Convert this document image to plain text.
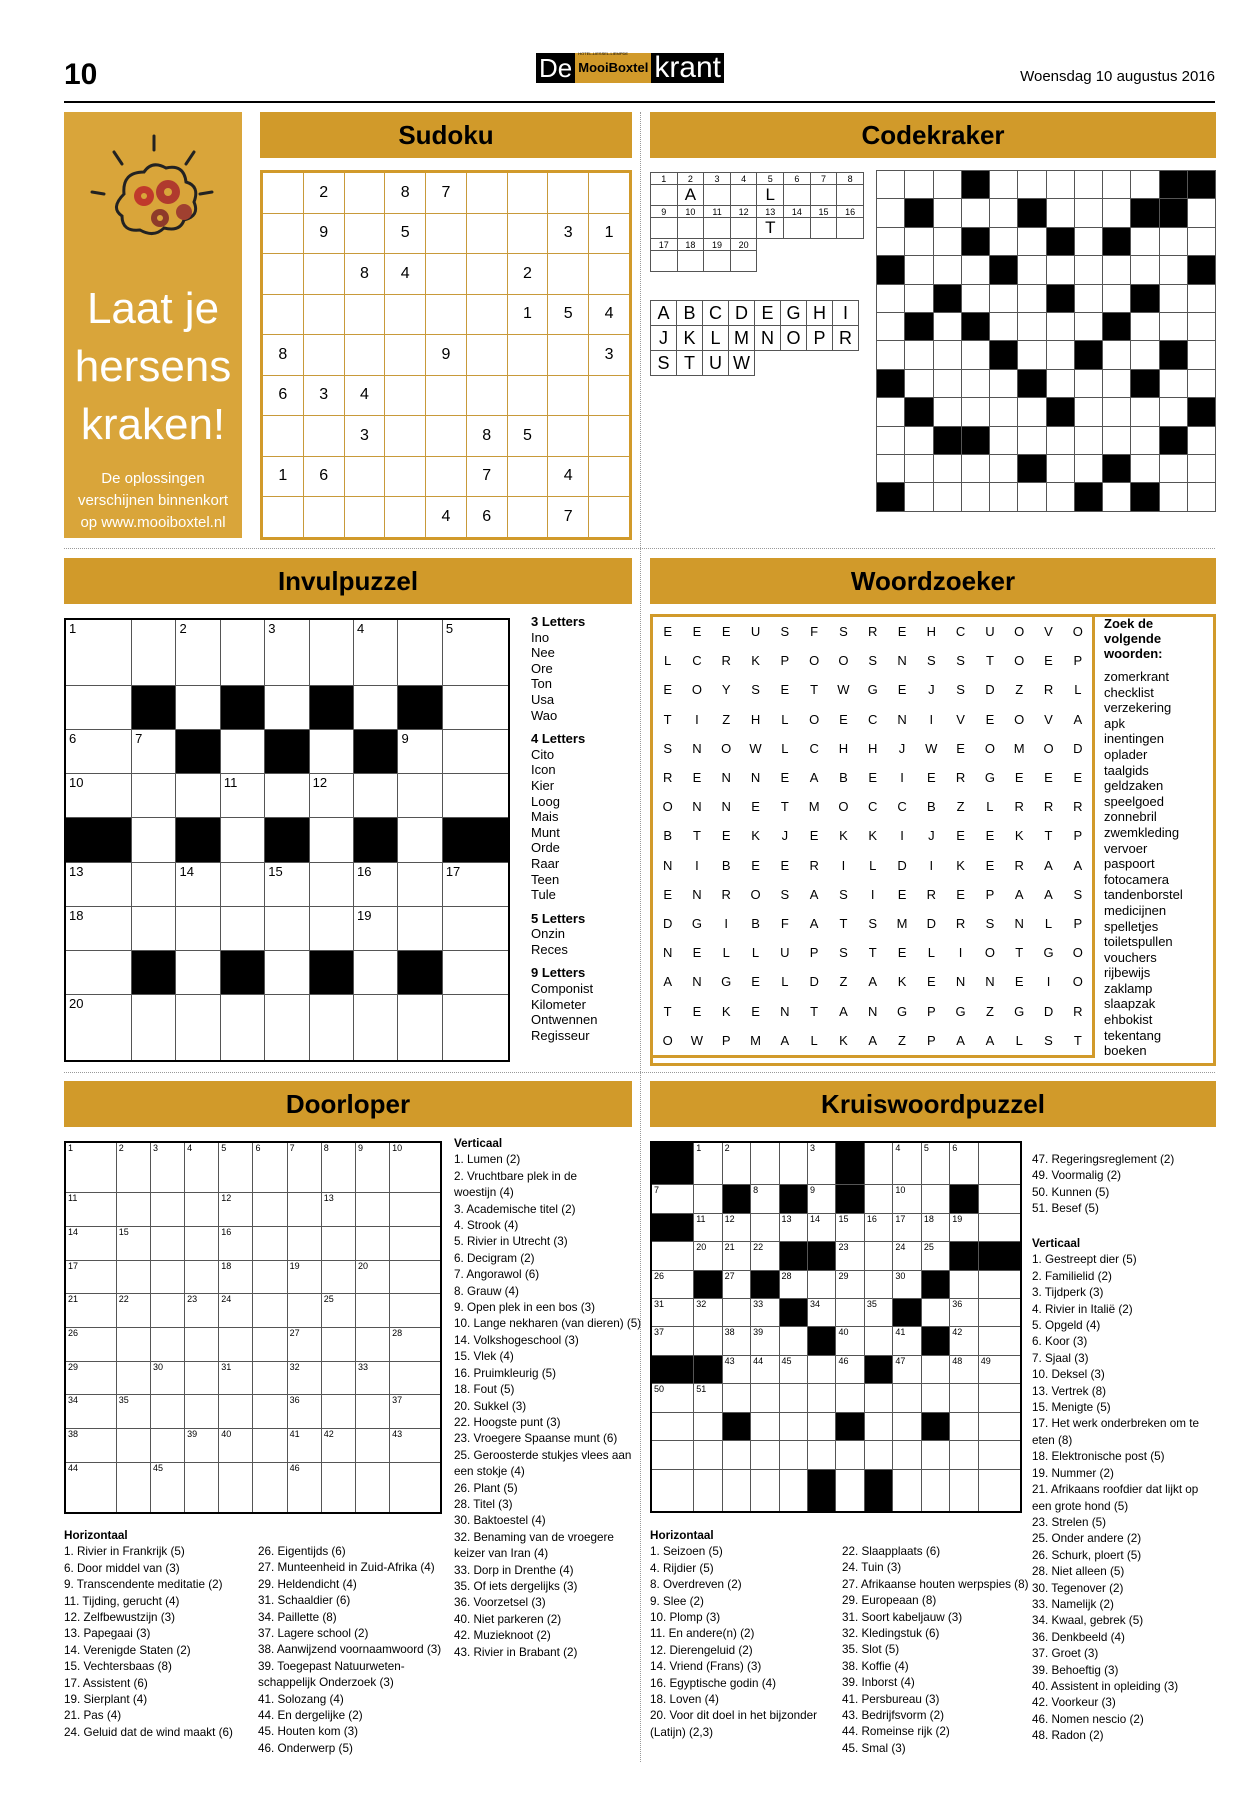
10	De MooiBoxtel
HOTEL-LIESSEL-LIEMPDE krant	Woensdag 10 augustus 2016
Laat je hersens kraken!
De oplossingen verschijnen binnenkort op www.mooiboxtel.nl
Sudoku
	2		8	7				
	9		5				3	1
		8	4			2		
						1	5	4
8				9				3
6	3	4						
		3			8	5		
1	6				7		4	
				4	6		7	
Codekraker
1	2	3	4	5	6	7	8
	A			L			
9	10	11	12	13	14	15	16
				T			
17	18	19	20				

A	B	C	D	E	G	H	I
J	K	L	M	N	O	P	R
S	T	U	W				

Invulpuzzel
1		2		3		4		5

6	7					8	9	

10			11		12			

13		14		15		16		17

18						19		

20								

3 Letters
Ino
Nee
Ore
Ton
Usa
Wao
4 Letters
Cito
Icon
Kier
Loog
Mais
Munt
Orde
Raar
Teen
Tule
5 Letters
Onzin
Reces
9 Letters
Componist
Kilometer
Ontwennen
Regisseur
Woordzoeker
E	E	E	U	S	F	S	R	E	H	C	U	O	V	O
L	C	R	K	P	O	O	S	N	S	S	T	O	E	P
E	O	Y	S	E	T	W	G	E	J	S	D	Z	R	L
T	I	Z	H	L	O	E	C	N	I	V	E	O	V	A
S	N	O	W	L	C	H	H	J	W	E	O	M	O	D
R	E	N	N	E	A	B	E	I	E	R	G	E	E	E
O	N	N	E	T	M	O	C	C	B	Z	L	R	R	R
B	T	E	K	J	E	K	K	I	J	E	E	K	T	P
N	I	B	E	E	R	I	L	D	I	K	E	R	A	A
E	N	R	O	S	A	S	I	E	R	E	P	A	A	S
D	G	I	B	F	A	T	S	M	D	R	S	N	L	P
N	E	L	L	U	P	S	T	E	L	I	O	T	G	O
A	N	G	E	L	D	Z	A	K	E	N	N	E	I	O
T	E	K	E	N	T	A	N	G	P	G	Z	G	D	R
O	W	P	M	A	L	K	A	Z	P	A	A	L	S	T
Zoek de volgende woorden:
zomerkrant
checklist
verzekering
apk
inentingen
oplader
taalgids
geldzaken
speelgoed
zonnebril
zwemkleding
vervoer
paspoort
fotocamera
tandenborstel
medicijnen
spelletjes
toiletspullen
vouchers
rijbewijs
zaklamp
slaapzak
ehbokist
tekentang
boeken
Doorloper
1	2	3	4	5	6	7	8	9	10

11				12			13		

14	15			16					

17				18		19		20	

21	22		23	24			25		

26						27			28

29		30		31		32		33	

34	35					36			37

38			39	40		41	42		43

44		45				46			

Verticaal
1. Lumen (2)
2. Vruchtbare plek in de
woestijn (4)
3. Academische titel (2)
4. Strook (4)
5. Rivier in Utrecht (3)
6. Decigram (2)
7. Angorawol (6)
8. Grauw (4)
9. Open plek in een bos (3)
10. Lange nekharen (van dieren) (5)
14. Volkshogeschool (3)
15. Vlek (4)
16. Pruimkleurig (5)
18. Fout (5)
20. Sukkel (3)
22. Hoogste punt (3)
23. Vroegere Spaanse munt (6)
25. Geroosterde stukjes vlees aan
een stokje (4)
26. Plant (5)
28. Titel (3)
30. Baktoestel (4)
32. Benaming van de vroegere
keizer van Iran (4)
33. Dorp in Drenthe (4)
35. Of iets dergelijks (3)
36. Voorzetsel (3)
40. Niet parkeren (2)
42. Muzieknoot (2)
43. Rivier in Brabant (2)
Horizontaal
1. Rivier in Frankrijk (5)
6. Door middel van (3)
9. Transcendente meditatie (2)
11. Tijding, gerucht (4)
12. Zelfbewustzijn (3)
13. Papegaai (3)
14. Verenigde Staten (2)
15. Vechtersbaas (8)
17. Assistent (6)
19. Sierplant (4)
21. Pas (4)
24. Geluid dat de wind maakt (6)
26. Eigentijds (6)
27. Munteenheid in Zuid-Afrika (4)
29. Heldendicht (4)
31. Schaaldier (6)
34. Paillette (8)
37. Lagere school (2)
38. Aanwijzend voornaamwoord (3)
39. Toegepast Natuurweten-
schappelijk Onderzoek (3)
41. Solozang (4)
44. En dergelijke (2)
45. Houten kom (3)
46. Onderwerp (5)
Kruiswoordpuzzel

	1	2			3			4	5	6	

7			8		9			10			

	11	12		13	14	15	16	17	18	19	

	20	21	22			23		24	25		

26		27		28		29		30			

31	32		33		34		35			36	

37		38	39			40		41		42	

		43	44	45		46		47		48	49

50	51										

47. Regeringsreglement (2)
49. Voormalig (2)
50. Kunnen (5)
51. Besef (5)
Verticaal
1. Gestreept dier (5)
2. Familielid (2)
3. Tijdperk (3)
4. Rivier in Italië (2)
5. Opgeld (4)
6. Koor (3)
7. Sjaal (3)
10. Deksel (3)
13. Vertrek (8)
15. Menigte (5)
17. Het werk onderbreken om te
eten (8)
18. Elektronische post (5)
19. Nummer (2)
21. Afrikaans roofdier dat lijkt op
een grote hond (5)
23. Strelen (5)
25. Onder andere (2)
26. Schurk, ploert (5)
28. Niet alleen (5)
30. Tegenover (2)
33. Namelijk (2)
34. Kwaal, gebrek (5)
36. Denkbeeld (4)
37. Groet (3)
39. Behoeftig (3)
40. Assistent in opleiding (3)
42. Voorkeur (3)
46. Nomen nescio (2)
48. Radon (2)
Horizontaal
1. Seizoen (5)
4. Rijdier (5)
8. Overdreven (2)
9. Slee (2)
10. Plomp (3)
11. En andere(n) (2)
12. Dierengeluid (2)
14. Vriend (Frans) (3)
16. Egyptische godin (4)
18. Loven (4)
20. Voor dit doel in het bijzonder
(Latijn) (2,3)
22. Slaapplaats (6)
24. Tuin (3)
27. Afrikaanse houten werpspies (8)
29. Europeaan (8)
31. Soort kabeljauw (3)
32. Kledingstuk (6)
35. Slot (5)
38. Koffie (4)
39. Inborst (4)
41. Persbureau (3)
43. Bedrijfsvorm (2)
44. Romeinse rijk (2)
45. Smal (3)
